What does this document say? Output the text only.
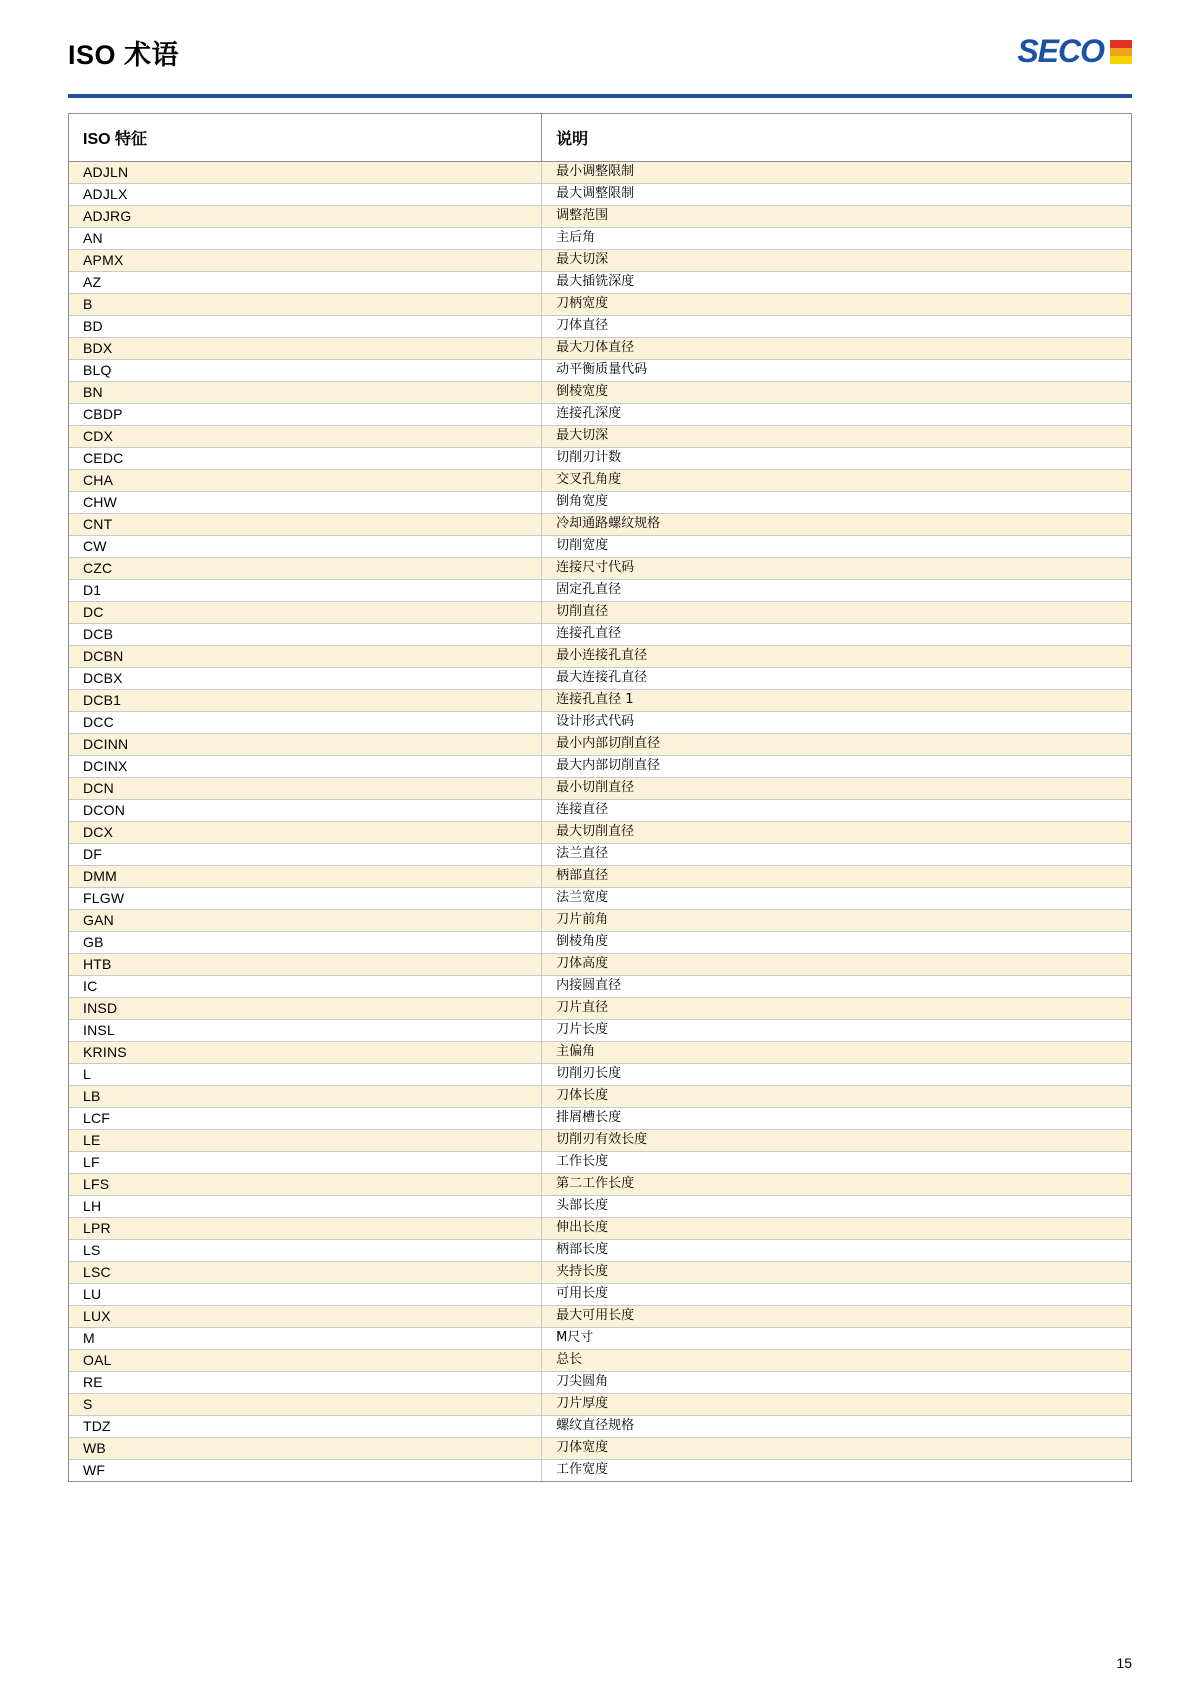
ISO 术语	SECO
ISO 特征	说明
ADJLN	最小调整限制
ADJLX	最大调整限制
ADJRG	调整范围
AN	主后角
APMX	最大切深
AZ	最大插铣深度
B	刀柄宽度
BD	刀体直径
BDX	最大刀体直径
BLQ	动平衡质量代码
BN	倒棱宽度
CBDP	连接孔深度
CDX	最大切深
CEDC	切削刃计数
CHA	交叉孔角度
CHW	倒角宽度
CNT	冷却通路螺纹规格
CW	切削宽度
CZC	连接尺寸代码
D1	固定孔直径
DC	切削直径
DCB	连接孔直径
DCBN	最小连接孔直径
DCBX	最大连接孔直径
DCB1	连接孔直径 1
DCC	设计形式代码
DCINN	最小内部切削直径
DCINX	最大内部切削直径
DCN	最小切削直径
DCON	连接直径
DCX	最大切削直径
DF	法兰直径
DMM	柄部直径
FLGW	法兰宽度
GAN	刀片前角
GB	倒棱角度
HTB	刀体高度
IC	内接圆直径
INSD	刀片直径
INSL	刀片长度
KRINS	主偏角
L	切削刃长度
LB	刀体长度
LCF	排屑槽长度
LE	切削刃有效长度
LF	工作长度
LFS	第二工作长度
LH	头部长度
LPR	伸出长度
LS	柄部长度
LSC	夹持长度
LU	可用长度
LUX	最大可用长度
M	M尺寸
OAL	总长
RE	刀尖圆角
S	刀片厚度
TDZ	螺纹直径规格
WB	刀体宽度
WF	工作宽度
15
